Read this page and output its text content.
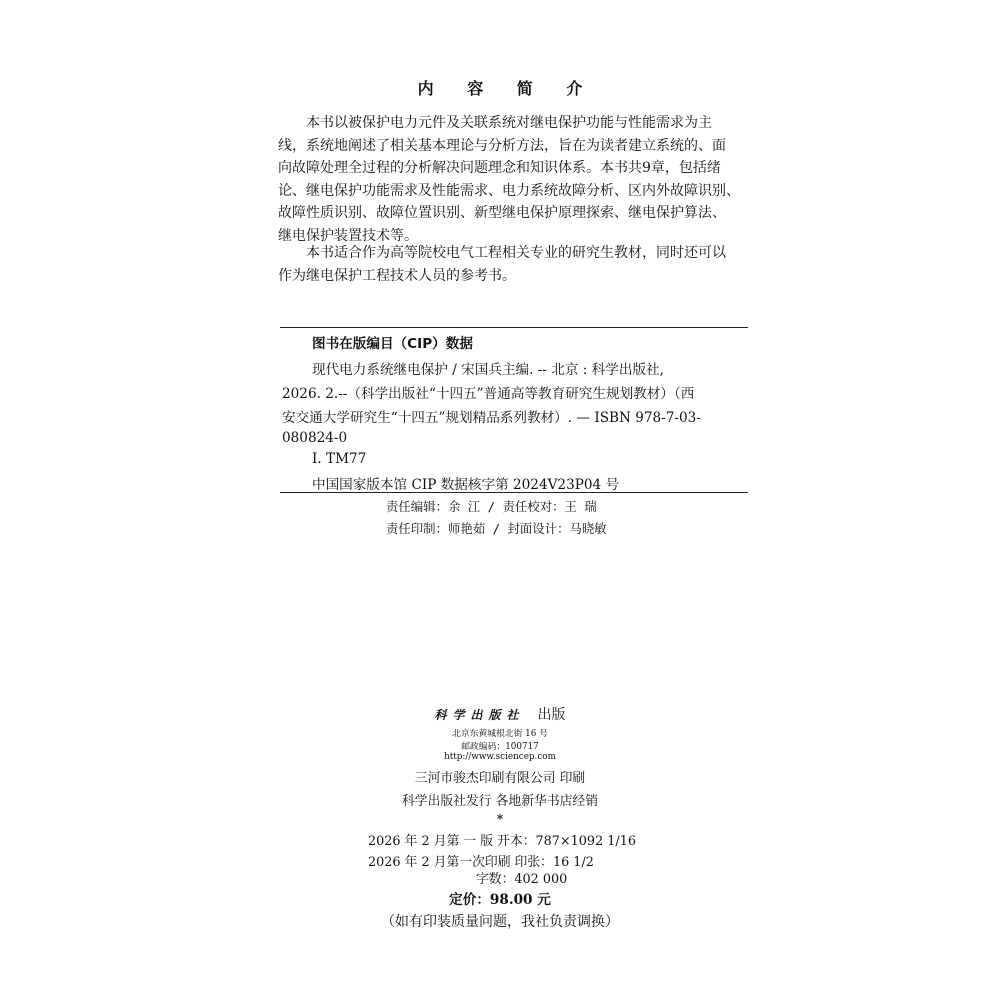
内 容 简 介
本书以被保护电力元件及关联系统对继电保护功能与性能需求为主
线，系统地阐述了相关基本理论与分析方法，旨在为读者建立系统的、面
向故障处理全过程的分析解决问题理念和知识体系。本书共9章，包括绪
论、继电保护功能需求及性能需求、电力系统故障分析、区内外故障识别、
故障性质识别、故障位置识别、新型继电保护原理探索、继电保护算法、
继电保护装置技术等。
本书适合作为高等院校电气工程相关专业的研究生教材，同时还可以
作为继电保护工程技术人员的参考书。
图书在版编目（CIP）数据
现代电力系统继电保护 / 宋国兵主编. -- 北京 : 科学出版社,
2026. 2.--（科学出版社“十四五”普通高等教育研究生规划教材）（西
安交通大学研究生“十四五”规划精品系列教材）. — ISBN 978-7-03-
080824-0
Ⅰ. TM77
中国国家版本馆 CIP 数据核字第 2024V23P04 号
责任编辑：余 江 / 责任校对：王 瑞
责任印制：师艳茹 / 封面设计：马晓敏
科学出版社 出版
北京东黄城根北街 16 号
邮政编码：100717
http://www.sciencep.com
三河市骏杰印刷有限公司 印刷
科学出版社发行 各地新华书店经销
*
2026 年 2 月第 一 版 开本：787×1092 1/16
2026 年 2 月第一次印刷 印张：16 1/2
字数：402 000
定价：98.00 元
（如有印装质量问题，我社负责调换）
